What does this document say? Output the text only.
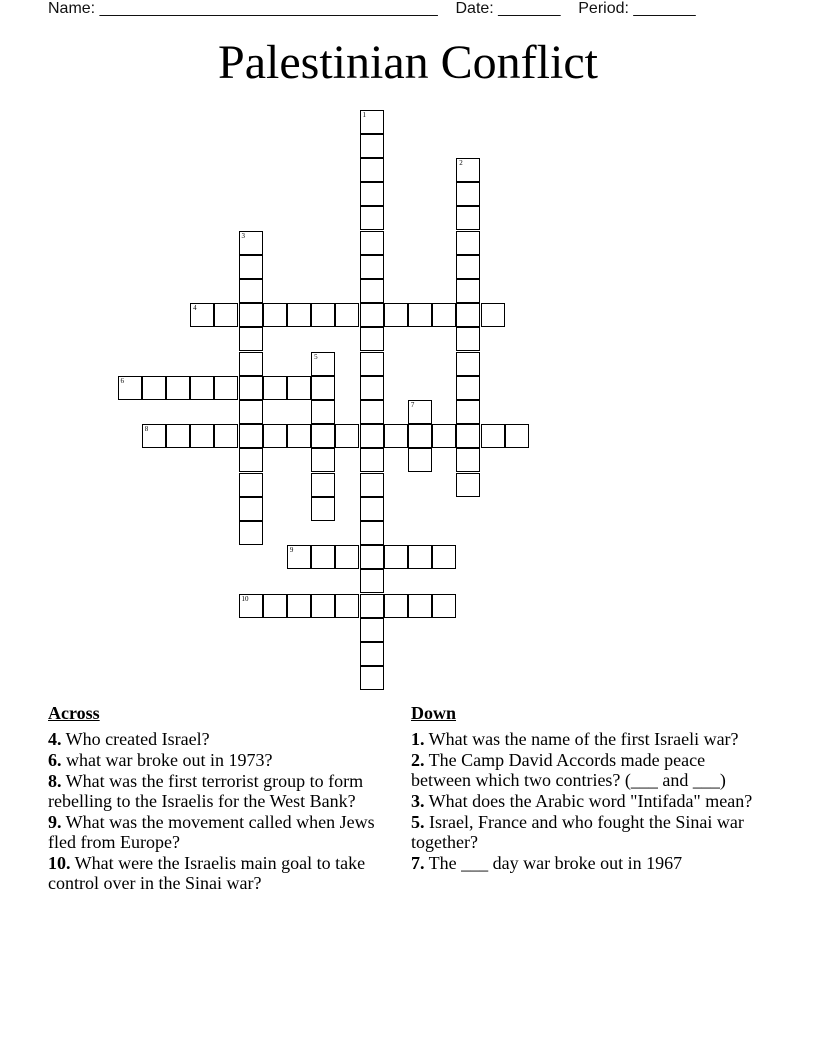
Name: ______________________________________    Date: _______    Period: _______
Palestinian Conflict
1
2
3
4
5
6
7
8
9
10
Across
4. Who created Israel?
6. what war broke out in 1973?
8. What was the first terrorist group to form rebelling to the Israelis for the West Bank?
9. What was the movement called when Jews fled from Europe?
10. What were the Israelis main goal to take control over in the Sinai war?
Down
1. What was the name of the first Israeli war?
2. The Camp David Accords made peace between which two contries? (___ and ___)
3. What does the Arabic word "Intifada" mean?
5. Israel, France and who fought the Sinai war together?
7. The ___ day war broke out in 1967
